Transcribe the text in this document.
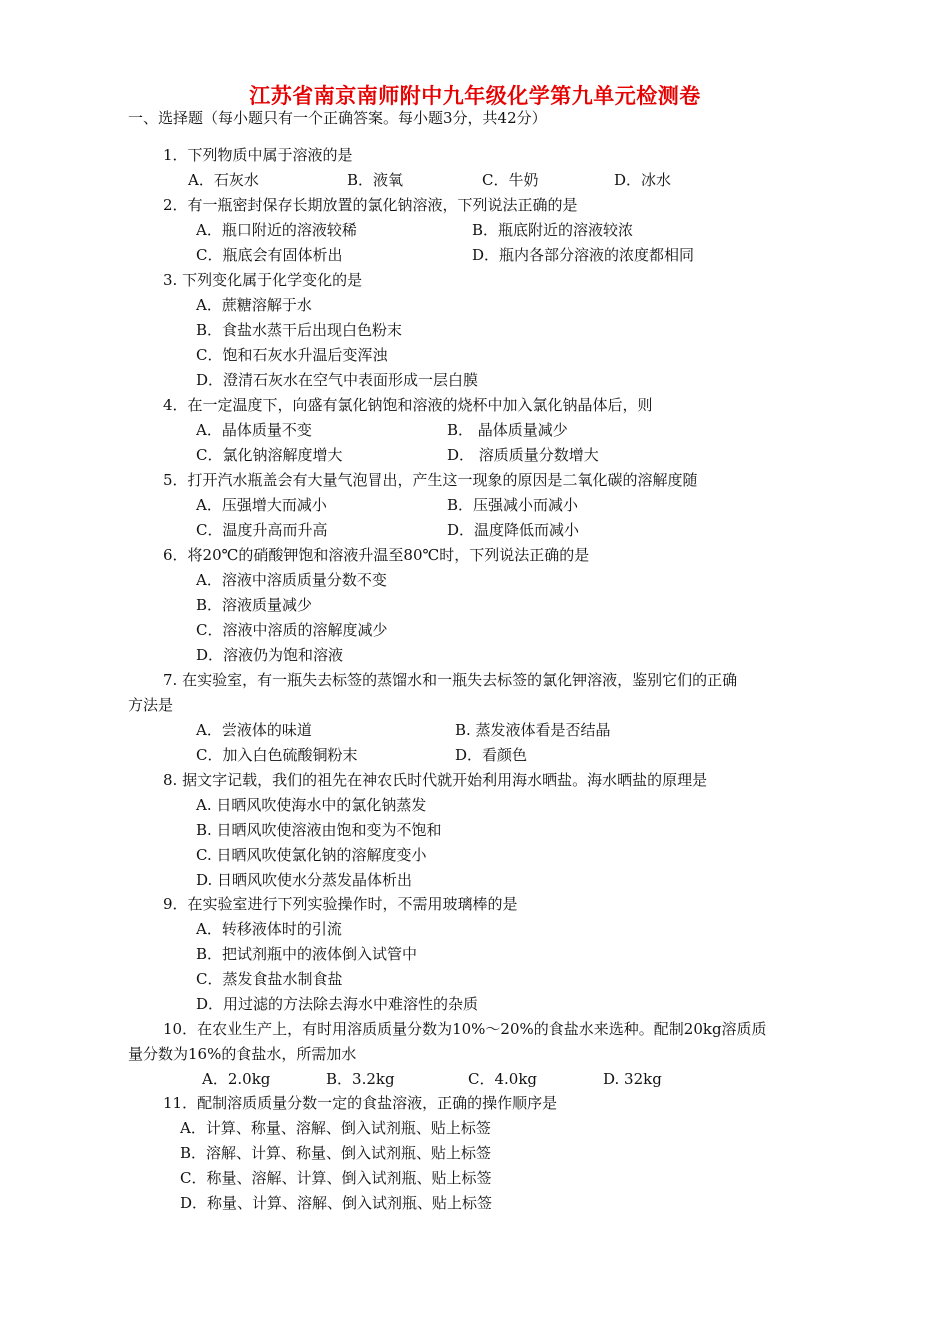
江苏省南京南师附中九年级化学第九单元检测卷
一、选择题（每小题只有一个正确答案。每小题3分，共42分）
1．下列物质中属于溶液的是
A．石灰水	B．液氧	C．牛奶	D．冰水
2．有一瓶密封保存长期放置的氯化钠溶液，下列说法正确的是
A．瓶口附近的溶液较稀	B．瓶底附近的溶液较浓
C．瓶底会有固体析出	D．瓶内各部分溶液的浓度都相同
3. 下列变化属于化学变化的是
A．蔗糖溶解于水
B．食盐水蒸干后出现白色粉末
C．饱和石灰水升温后变浑浊
D．澄清石灰水在空气中表面形成一层白膜
4．在一定温度下，向盛有氯化钠饱和溶液的烧杯中加入氯化钠晶体后，则
A．晶体质量不变	B． 晶体质量减少
C．氯化钠溶解度增大	D． 溶质质量分数增大
5．打开汽水瓶盖会有大量气泡冒出，产生这一现象的原因是二氧化碳的溶解度随
A．压强增大而减小	B．压强减小而减小
C．温度升高而升高	D．温度降低而减小
6．将20℃的硝酸钾饱和溶液升温至80℃时，下列说法正确的是
A．溶液中溶质质量分数不变
B．溶液质量减少
C．溶液中溶质的溶解度减少
D．溶液仍为饱和溶液
7. 在实验室，有一瓶失去标签的蒸馏水和一瓶失去标签的氯化钾溶液，鉴别它们的正确
方法是
A．尝液体的味道	B. 蒸发液体看是否结晶
C．加入白色硫酸铜粉末	D．看颜色
8. 据文字记载，我们的祖先在神农氏时代就开始利用海水晒盐。海水晒盐的原理是
A. 日晒风吹使海水中的氯化钠蒸发
B. 日晒风吹使溶液由饱和变为不饱和
C. 日晒风吹使氯化钠的溶解度变小
D. 日晒风吹使水分蒸发晶体析出
9．在实验室进行下列实验操作时，不需用玻璃棒的是
A．转移液体时的引流
B．把试剂瓶中的液体倒入试管中
C．蒸发食盐水制食盐
D．用过滤的方法除去海水中难溶性的杂质
10．在农业生产上，有时用溶质质量分数为10%～20%的食盐水来选种。配制20kg溶质质
量分数为16%的食盐水，所需加水
A．2.0kg	B．3.2kg	C．4.0kg	D. 32kg
11．配制溶质质量分数一定的食盐溶液，正确的操作顺序是
A．计算、称量、溶解、倒入试剂瓶、贴上标签
B．溶解、计算、称量、倒入试剂瓶、贴上标签
C．称量、溶解、计算、倒入试剂瓶、贴上标签
D．称量、计算、溶解、倒入试剂瓶、贴上标签
